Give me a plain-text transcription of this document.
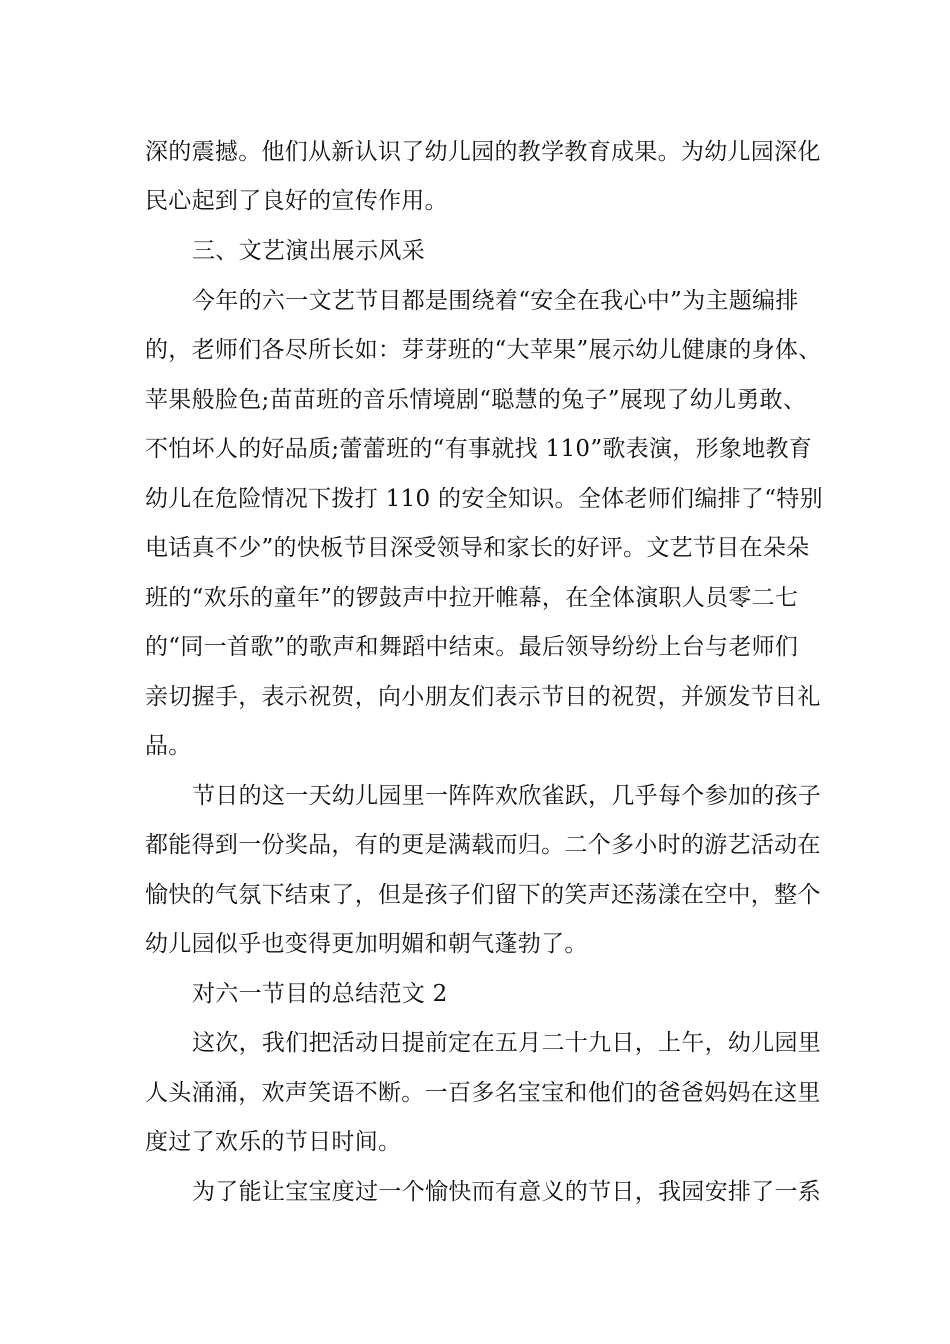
深的震撼。他们从新认识了幼儿园的教学教育成果。为幼儿园深化
民心起到了良好的宣传作用。
三、文艺演出展示风采
今年的六一文艺节目都是围绕着“安全在我心中”为主题编排
的，老师们各尽所长如：芽芽班的“大苹果”展示幼儿健康的身体、
苹果般脸色;苗苗班的音乐情境剧“聪慧的兔子”展现了幼儿勇敢、
不怕坏人的好品质;蕾蕾班的“有事就找 110”歌表演，形象地教育
幼儿在危险情况下拨打 110 的安全知识。全体老师们编排了“特别
电话真不少”的快板节目深受领导和家长的好评。文艺节目在朵朵
班的“欢乐的童年”的锣鼓声中拉开帷幕，在全体演职人员零二七
的“同一首歌”的歌声和舞蹈中结束。最后领导纷纷上台与老师们
亲切握手，表示祝贺，向小朋友们表示节日的祝贺，并颁发节日礼
品。
节日的这一天幼儿园里一阵阵欢欣雀跃，几乎每个参加的孩子
都能得到一份奖品，有的更是满载而归。二个多小时的游艺活动在
愉快的气氛下结束了，但是孩子们留下的笑声还荡漾在空中，整个
幼儿园似乎也变得更加明媚和朝气蓬勃了。
对六一节目的总结范文 2
这次，我们把活动日提前定在五月二十九日，上午，幼儿园里
人头涌涌，欢声笑语不断。一百多名宝宝和他们的爸爸妈妈在这里
度过了欢乐的节日时间。
为了能让宝宝度过一个愉快而有意义的节日，我园安排了一系
